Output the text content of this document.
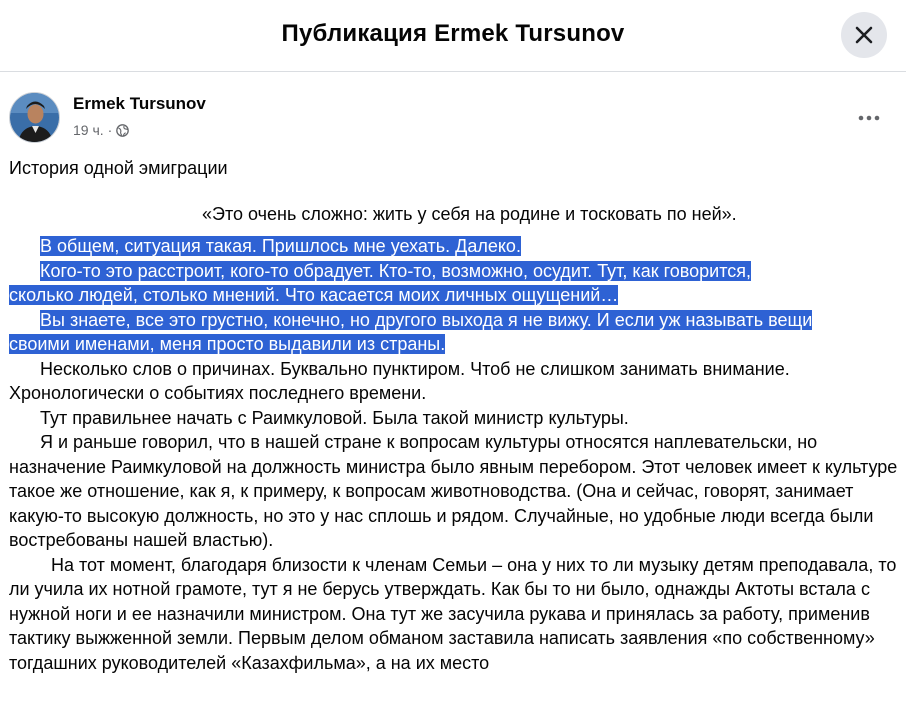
Публикация Ermek Tursunov
Ermek Tursunov
19 ч. ·

История одной эмиграции

«Это очень сложно: жить у себя на родине и тосковать по ней».

В общем, ситуация такая. Пришлось мне уехать. Далеко.

Кого-то это расстроит, кого-то обрадует. Кто-то, возможно, осудит. Тут, как говорится,

сколько людей, столько мнений. Что касается моих личных ощущений…

Вы знаете, все это грустно, конечно, но другого выхода я не вижу. И если уж называть вещи

своими именами, меня просто выдавили из страны.

Несколько слов о причинах. Буквально пунктиром. Чтоб не слишком занимать внимание. Хронологически о событиях последнего времени.

Тут правильнее начать с Раимкуловой. Была такой министр культуры.

Я и раньше говорил, что в нашей стране к вопросам культуры относятся наплевательски, но назначение Раимкуловой на должность министра было явным перебором. Этот человек имеет к культуре такое же отношение, как я, к примеру, к вопросам животноводства. (Она и сейчас, говорят, занимает какую-то высокую должность, но это у нас сплошь и рядом. Случайные, но удобные люди всегда были востребованы нашей властью).

На тот момент, благодаря близости к членам Семьи – она у них то ли музыку детям преподавала, то ли учила их нотной грамоте, тут я не берусь утверждать. Как бы то ни было, однажды Актоты встала с нужной ноги и ее назначили министром. Она тут же засучила рукава и принялась за работу, применив тактику выжженной земли. Первым делом обманом заставила написать заявления «по собственному» тогдашних руководителей «Казахфильма», а на их место
